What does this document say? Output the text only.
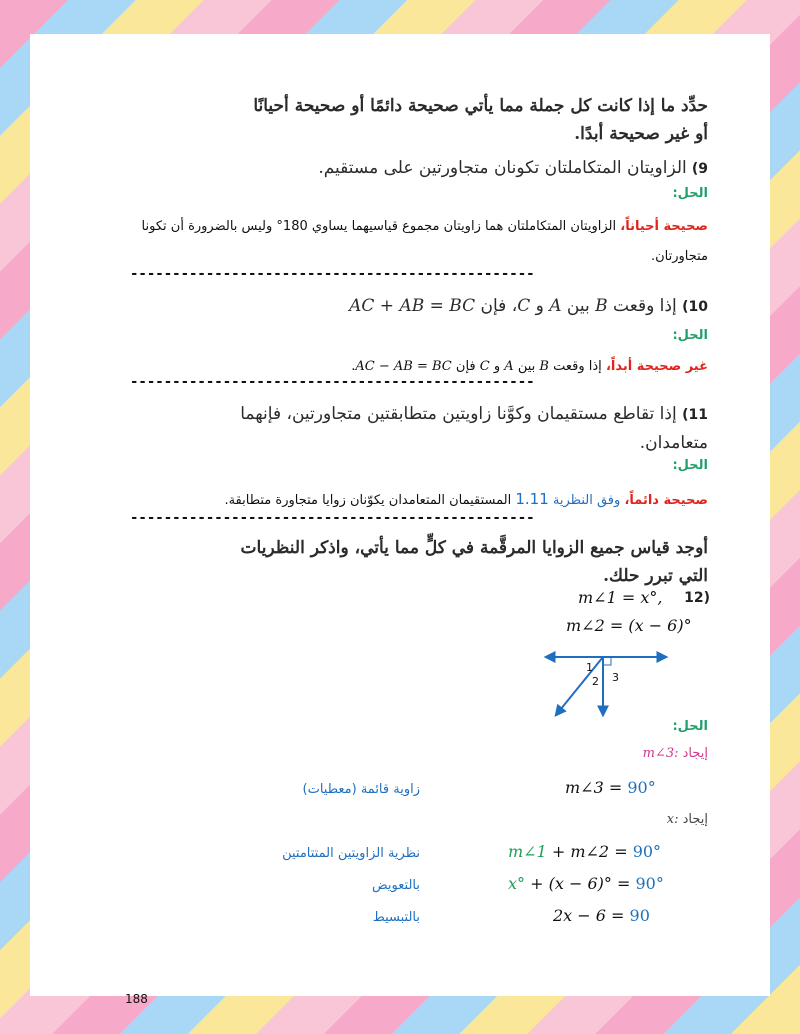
حدِّد ما إذا كانت كل جملة مما يأتي صحيحة دائمًا أو صحيحة أحيانًا
أو غير صحيحة أبدًا.
9) الزاويتان المتكاملتان تكونان متجاورتين على مستقيم.
الحل:
صحيحة أحياناً، الزاويتان المتكاملتان هما زاويتان مجموع قياسيهما يساوي 180° وليس بالضرورة أن تكونا
متجاورتان.
------------------------------------------------
10) إذا وقعت B بين A و C، فإن AC + AB = BC
الحل:
غير صحيحة أبداً، إذا وقعت B بين A و C فإن AC − AB = BC.
------------------------------------------------
11) إذا تقاطع مستقيمان وكوَّنا زاويتين متطابقتين متجاورتين، فإنهما
متعامدان.
الحل:
صحيحة دائماً، وفق النظرية 1.11 المستقيمان المتعامدان يكوّنان زوايا متجاورة متطابقة.
------------------------------------------------
أوجد قياس جميع الزوايا المرقَّمة في كلٍّ مما يأتي، واذكر النظريات
التي تبرر حلك.
12)
m∠1 = x°,
m∠2 = (x − 6)°
1
2 3
الحل:
إيجاد m∠3:
m∠3 = 90°
زاوية قائمة (معطيات)
إيجاد x:
m∠1 + m∠2 = 90°
نظرية الزاويتين المتتامتين
x° + (x − 6)° = 90°
بالتعويض
2x − 6 = 90
بالتبسيط
188
